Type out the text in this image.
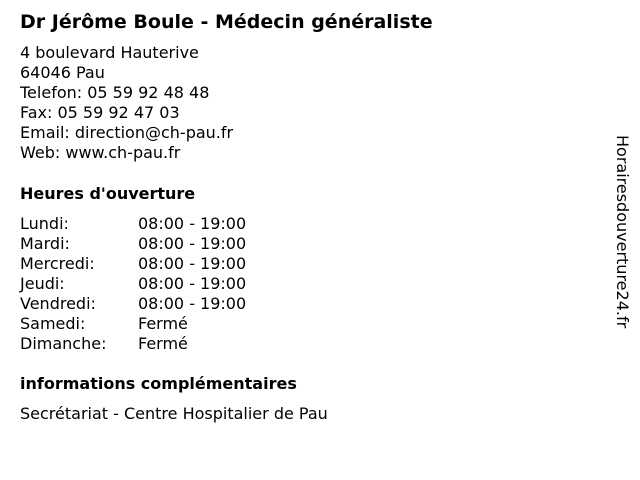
Dr Jérôme Boule - Médecin généraliste
4 boulevard Hauterive
64046 Pau
Telefon: 05 59 92 48 48
Fax: 05 59 92 47 03
Email: direction@ch-pau.fr
Web: www.ch-pau.fr
Heures d'ouverture
Lundi:	08:00 - 19:00
Mardi:	08:00 - 19:00
Mercredi:	08:00 - 19:00
Jeudi:	08:00 - 19:00
Vendredi:	08:00 - 19:00
Samedi:	Fermé
Dimanche: Fermé
informations complémentaires
Secrétariat - Centre Hospitalier de Pau
Horairesdouverture24.fr
